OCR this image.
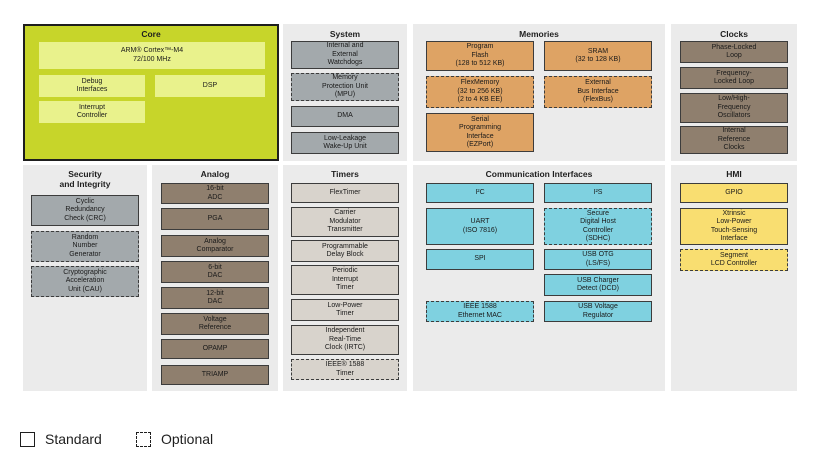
Core
ARM® Cortex™-M4
72/100 MHz
Debug
Interfaces
DSP
Interrupt
Controller
System
Internal and
External
Watchdogs
Memory
Protection Unit
(MPU)
DMA
Low-Leakage
Wake-Up Unit
Memories
Program
Flash
(128 to 512 KB)
SRAM
(32 to 128 KB)
FlexMemory
(32 to 256 KB)
(2 to 4 KB EE)
External
Bus Interface
(FlexBus)
Serial
Programming
Interface
(EZPort)
Clocks
Phase-Locked
Loop
Frequency-
Locked Loop
Low/High-
Frequency
Oscillators
Internal
Reference
Clocks
Security
and Integrity
Cyclic
Redundancy
Check (CRC)
Random
Number
Generator
Cryptographic
Acceleration
Unit (CAU)
Analog
16-bit
ADC
PGA
Analog
Comparator
6-bit
DAC
12-bit
DAC
Voltage
Reference
OPAMP
TRIAMP
Timers
FlexTimer
Carrier
Modulator
Transmitter
Programmable
Delay Block
Periodic
Interrupt
Timer
Low-Power
Timer
Independent
Real-Time
Clock (IRTC)
IEEE® 1588
Timer
Communication Interfaces
I²C	I²S
UART
(ISO 7816)
Secure
Digital Host
Controller
(SDHC)
SPI
USB OTG
(LS/FS)
USB Charger
Detect (DCD)
IEEE 1588
Ethernet MAC
USB Voltage
Regulator
HMI
GPIO
Xtrinsic
Low-Power
Touch-Sensing
Interface
Segment
LCD Controller
Standard	Optional
